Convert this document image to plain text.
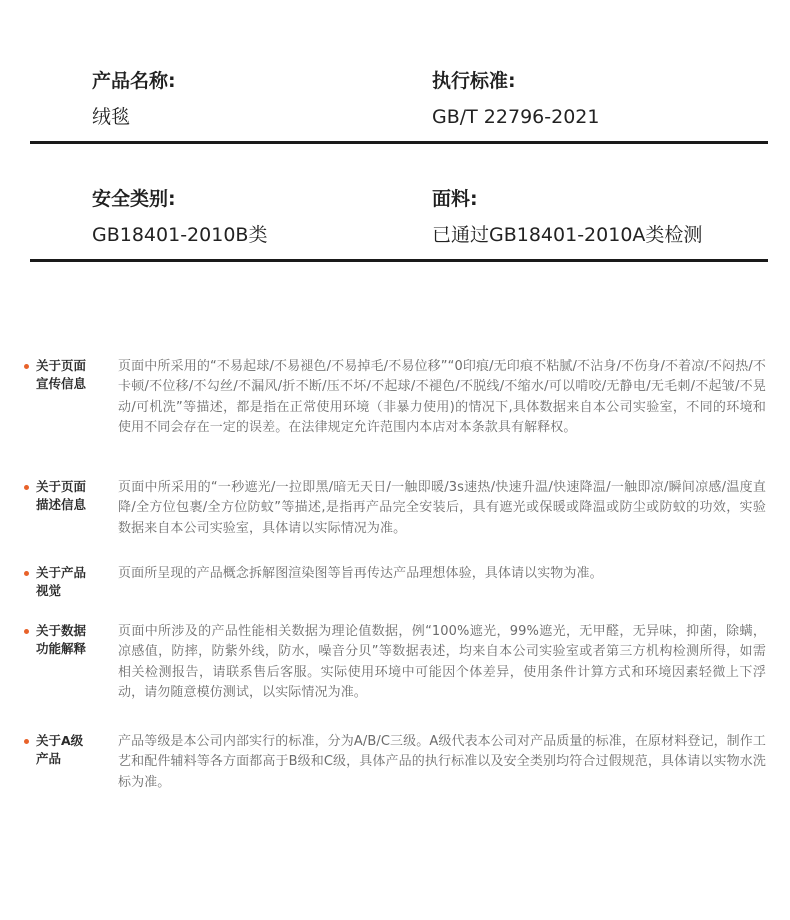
产品名称:
绒毯
执行标准:
GB/T 22796-2021
安全类别:
GB18401-2010B类
面料:
已通过GB18401-2010A类检测
关于页面
宣传信息
页面中所采用的“不易起球/不易褪色/不易掉毛/不易位移”“0印痕/无印痕不粘腻/不沾身/不伤身/不着凉/不闷热/不卡顿/不位移/不勾丝/不漏风/折不断/压不坏/不起球/不褪色/不脱线/不缩水/可以啃咬/无静电/无毛刺/不起皱/不晃动/可机洗”等描述，都是指在正常使用环境（非暴力使用)的情况下,具体数据来自本公司实验室，不同的环境和使用不同会存在一定的误差。在法律规定允许范围内本店对本条款具有解释权。
关于页面
描述信息
页面中所采用的“一秒遮光/一拉即黑/暗无天日/一触即暖/3s速热/快速升温/快速降温/一触即凉/瞬间凉感/温度直降/全方位包裹/全方位防蚊”等描述,是指再产品完全安装后，具有遮光或保暖或降温或防尘或防蚊的功效，实验数据来自本公司实验室，具体请以实际情况为准。
关于产品
视觉
页面所呈现的产品概念拆解图渲染图等旨再传达产品理想体验，具体请以实物为准。
关于数据
功能解释
页面中所涉及的产品性能相关数据为理论值数据，例“100%遮光，99%遮光，无甲醛，无异味，抑菌，除螨，凉感值，防摔，防紫外线，防水，噪音分贝”等数据表述，均来自本公司实验室或者第三方机构检测所得，如需相关检测报告，请联系售后客服。实际使用环境中可能因个体差异，使用条件计算方式和环境因素轻微上下浮动，请勿随意模仿测试，以实际情况为准。
关于A级
产品
产品等级是本公司内部实行的标准，分为A/B/C三级。A级代表本公司对产品质量的标准，在原材料登记，制作工艺和配件辅料等各方面都高于B级和C级，具体产品的执行标准以及安全类别均符合过假规范，具体请以实物水洗标为准。
